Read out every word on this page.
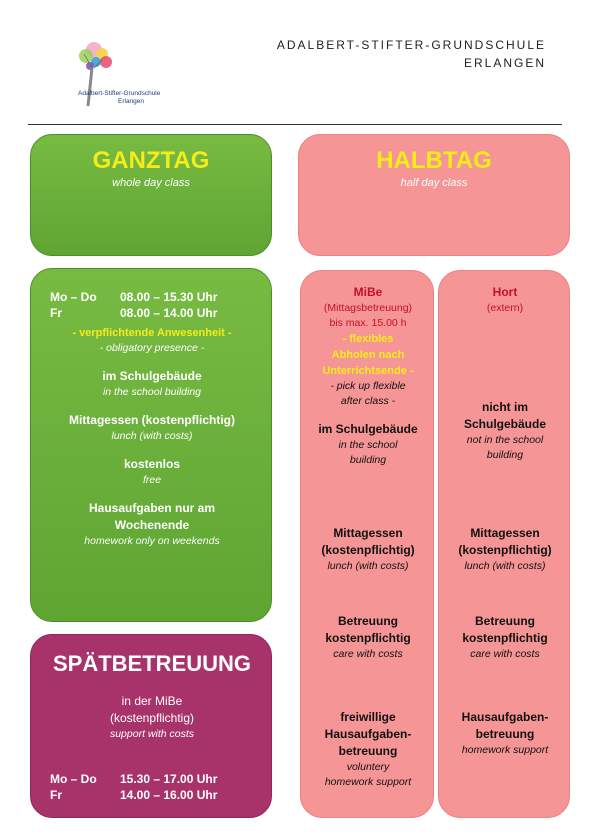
Adalbert-Stifter-Grundschule
Erlangen
ADALBERT-STIFTER-GRUNDSCHULE
ERLANGEN
GANZTAG
whole day class
HALBTAG
half day class
Mo – Do	08.00 – 15.30 Uhr
Fr	08.00 – 14.00 Uhr
- verpflichtende Anwesenheit -
- obligatory presence -
im Schulgebäude
in the school building
Mittagessen (kostenpflichtig)
lunch (with costs)
kostenlos
free
Hausaufgaben nur am
Wochenende
homework only on weekends
SPÄTBETREUUNG
in der MiBe
(kostenpflichtig)
support with costs
Mo – Do	15.30 – 17.00 Uhr
Fr	14.00 – 16.00 Uhr
MiBe
(Mittagsbetreuung)
bis max. 15.00 h
- flexibles
Abholen nach
Unterrichtsende -
- pick up flexible
after class -
im Schulgebäude
in the school
building
Mittagessen
(kostenpflichtig)
lunch (with costs)
Betreuung
kostenpflichtig
care with costs
freiwillige
Hausaufgaben-
betreuung
voluntery
homework support
Hort
(extern)
nicht im
Schulgebäude
not in the school
building
Mittagessen
(kostenpflichtig)
lunch (with costs)
Betreuung
kostenpflichtig
care with costs
Hausaufgaben-
betreuung
homework support
